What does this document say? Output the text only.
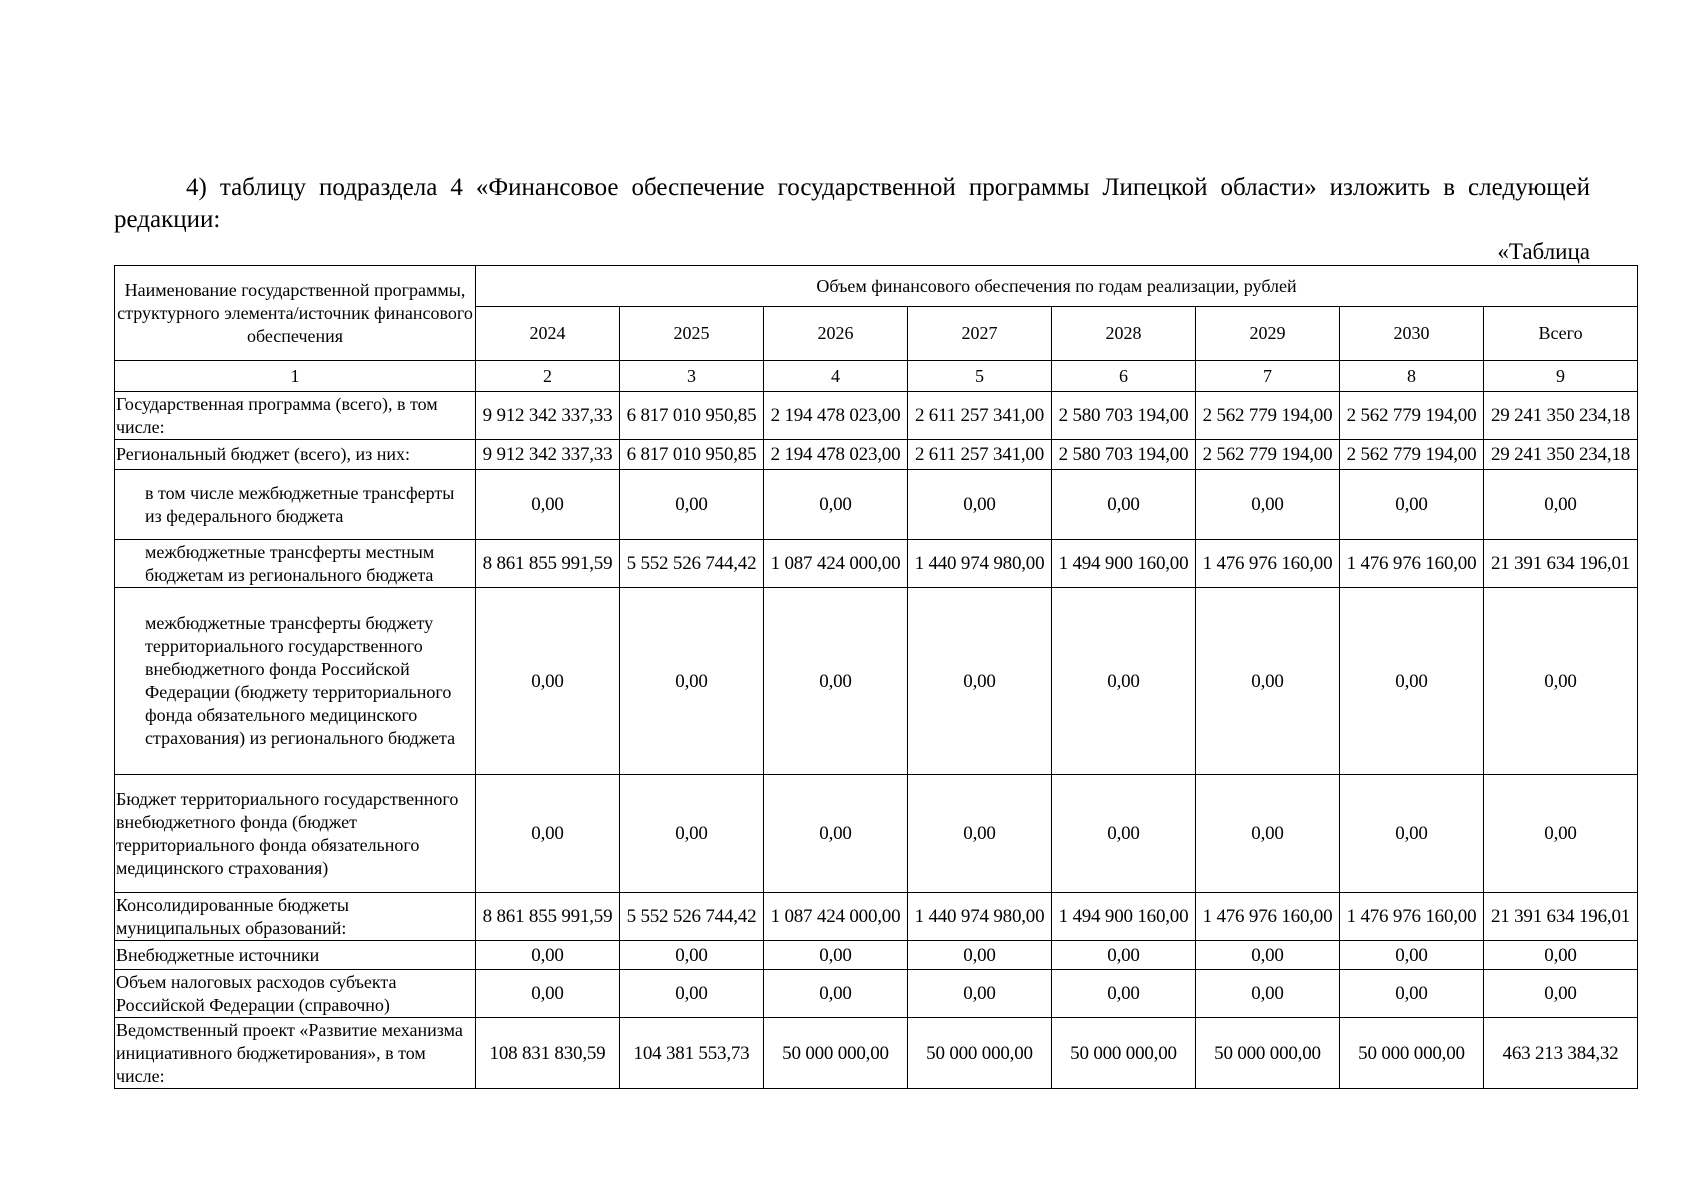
4) таблицу подраздела 4 «Финансовое обеспечение государственной программы Липецкой области» изложить в следующей редакции:
«Таблица
Наименование государственной программы, структурного элемента/источник финансового обеспечения	Объем финансового обеспечения по годам реализации, рублей							
	2024	2025	2026	2027	2028	2029	2030	Всего
1	2	3	4	5	6	7	8	9
Государственная программа (всего), в том числе:	9 912 342 337,33	6 817 010 950,85	2 194 478 023,00	2 611 257 341,00	2 580 703 194,00	2 562 779 194,00	2 562 779 194,00	29 241 350 234,18
Региональный бюджет (всего), из них:	9 912 342 337,33	6 817 010 950,85	2 194 478 023,00	2 611 257 341,00	2 580 703 194,00	2 562 779 194,00	2 562 779 194,00	29 241 350 234,18
в том числе межбюджетные трансферты из федерального бюджета	0,00	0,00	0,00	0,00	0,00	0,00	0,00	0,00
межбюджетные трансферты местным бюджетам из регионального бюджета	8 861 855 991,59	5 552 526 744,42	1 087 424 000,00	1 440 974 980,00	1 494 900 160,00	1 476 976 160,00	1 476 976 160,00	21 391 634 196,01
межбюджетные трансферты бюджету территориального государственного внебюджетного фонда Российской Федерации (бюджету территориального фонда обязательного медицинского страхования) из регионального бюджета	0,00	0,00	0,00	0,00	0,00	0,00	0,00	0,00
Бюджет территориального государственного внебюджетного фонда (бюджет территориального фонда обязательного медицинского страхования)	0,00	0,00	0,00	0,00	0,00	0,00	0,00	0,00
Консолидированные бюджеты муниципальных образований:	8 861 855 991,59	5 552 526 744,42	1 087 424 000,00	1 440 974 980,00	1 494 900 160,00	1 476 976 160,00	1 476 976 160,00	21 391 634 196,01
Внебюджетные источники	0,00	0,00	0,00	0,00	0,00	0,00	0,00	0,00
Объем налоговых расходов субъекта Российской Федерации (справочно)	0,00	0,00	0,00	0,00	0,00	0,00	0,00	0,00
Ведомственный проект «Развитие механизма инициативного бюджетирования», в том числе:	108 831 830,59	104 381 553,73	50 000 000,00	50 000 000,00	50 000 000,00	50 000 000,00	50 000 000,00	463 213 384,32
